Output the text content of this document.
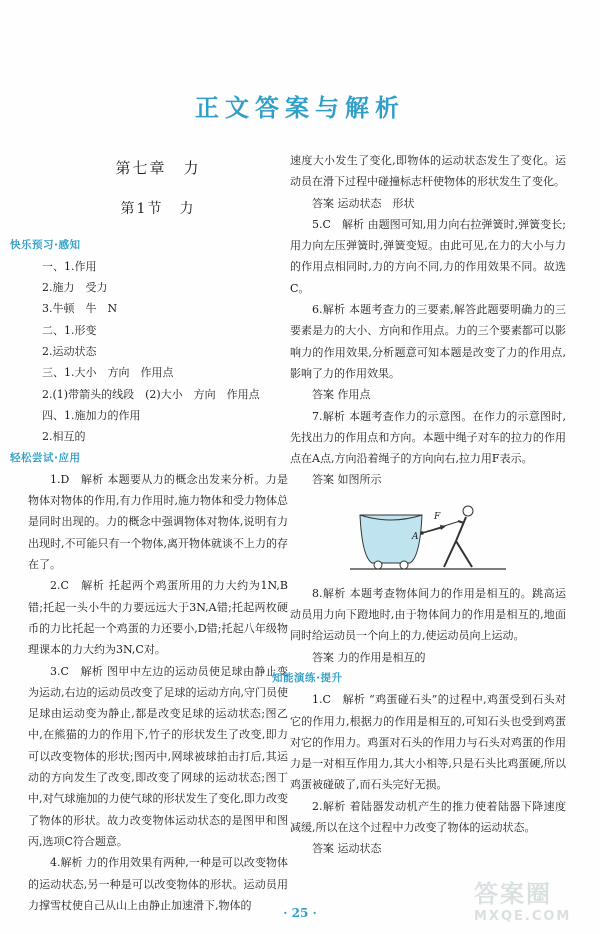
正文答案与解析
第七章　力
第1节　力
快乐预习·感知
一、1.作用
2.施力　受力
3.牛顿　牛　N
二、1.形变
2.运动状态
三、1.大小　方向　作用点
2.(1)带箭头的线段　(2)大小　方向　作用点
四、1.施加力的作用
2.相互的
轻松尝试·应用

1.D　解析 本题要从力的概念出发来分析。力是物体对物体的作用,有力作用时,施力物体和受力物体总是同时出现的。力的概念中强调物体对物体,说明有力出现时,不可能只有一个物体,离开物体就谈不上力的存在了。

2.C　解析 托起两个鸡蛋所用的力大约为1N,B错;托起一头小牛的力要远远大于3N,A错;托起两枚硬币的力比托起一个鸡蛋的力还要小,D错;托起八年级物理课本的力大约为3N,C对。

3.C　解析 图甲中左边的运动员使足球由静止变为运动,右边的运动员改变了足球的运动方向,守门员使足球由运动变为静止,都是改变足球的运动状态;图乙中,在熊猫的力的作用下,竹子的形状发生了改变,即力可以改变物体的形状;图丙中,网球被球拍击打后,其运动的方向发生了改变,即改变了网球的运动状态;图丁中,对气球施加的力使气球的形状发生了变化,即力改变了物体的形状。故力改变物体运动状态的是图甲和图丙,选项C符合题意。

4.解析 力的作用效果有两种,一种是可以改变物体的运动状态,另一种是可以改变物体的形状。运动员用力撑雪杖使自己从山上由静止加速滑下,物体的

速度大小发生了变化,即物体的运动状态发生了变化。运动员在滑下过程中碰撞标志杆使物体的形状发生了变化。

答案 运动状态　形状

5.C　解析 由题图可知,用力向右拉弹簧时,弹簧变长;用力向左压弹簧时,弹簧变短。由此可见,在力的大小与力的作用点相同时,力的方向不同,力的作用效果不同。故选C。

6.解析 本题考查力的三要素,解答此题要明确力的三要素是力的大小、方向和作用点。力的三个要素都可以影响力的作用效果,分析题意可知本题是改变了力的作用点,影响了力的作用效果。

答案 作用点

7.解析 本题考查作力的示意图。在作力的示意图时,先找出力的作用点和方向。本题中绳子对车的拉力的作用点在A点,方向沿着绳子的方向向右,拉力用F表示。

答案 如图所示
F
A

8.解析 本题考查物体间力的作用是相互的。跳高运动员用力向下蹬地时,由于物体间力的作用是相互的,地面同时给运动员一个向上的力,使运动员向上运动。

答案 力的作用是相互的
知能演练·提升

1.C　解析 “鸡蛋碰石头”的过程中,鸡蛋受到石头对它的作用力,根据力的作用是相互的,可知石头也受到鸡蛋对它的作用力。鸡蛋对石头的作用力与石头对鸡蛋的作用力是一对相互作用力,其大小相等,只是石头比鸡蛋硬,所以鸡蛋被碰破了,而石头完好无损。

2.解析 着陆器发动机产生的推力使着陆器下降速度减缓,所以在这个过程中力改变了物体的运动状态。

答案 运动状态
· 25 ·
答案圈
MXQE.COM
